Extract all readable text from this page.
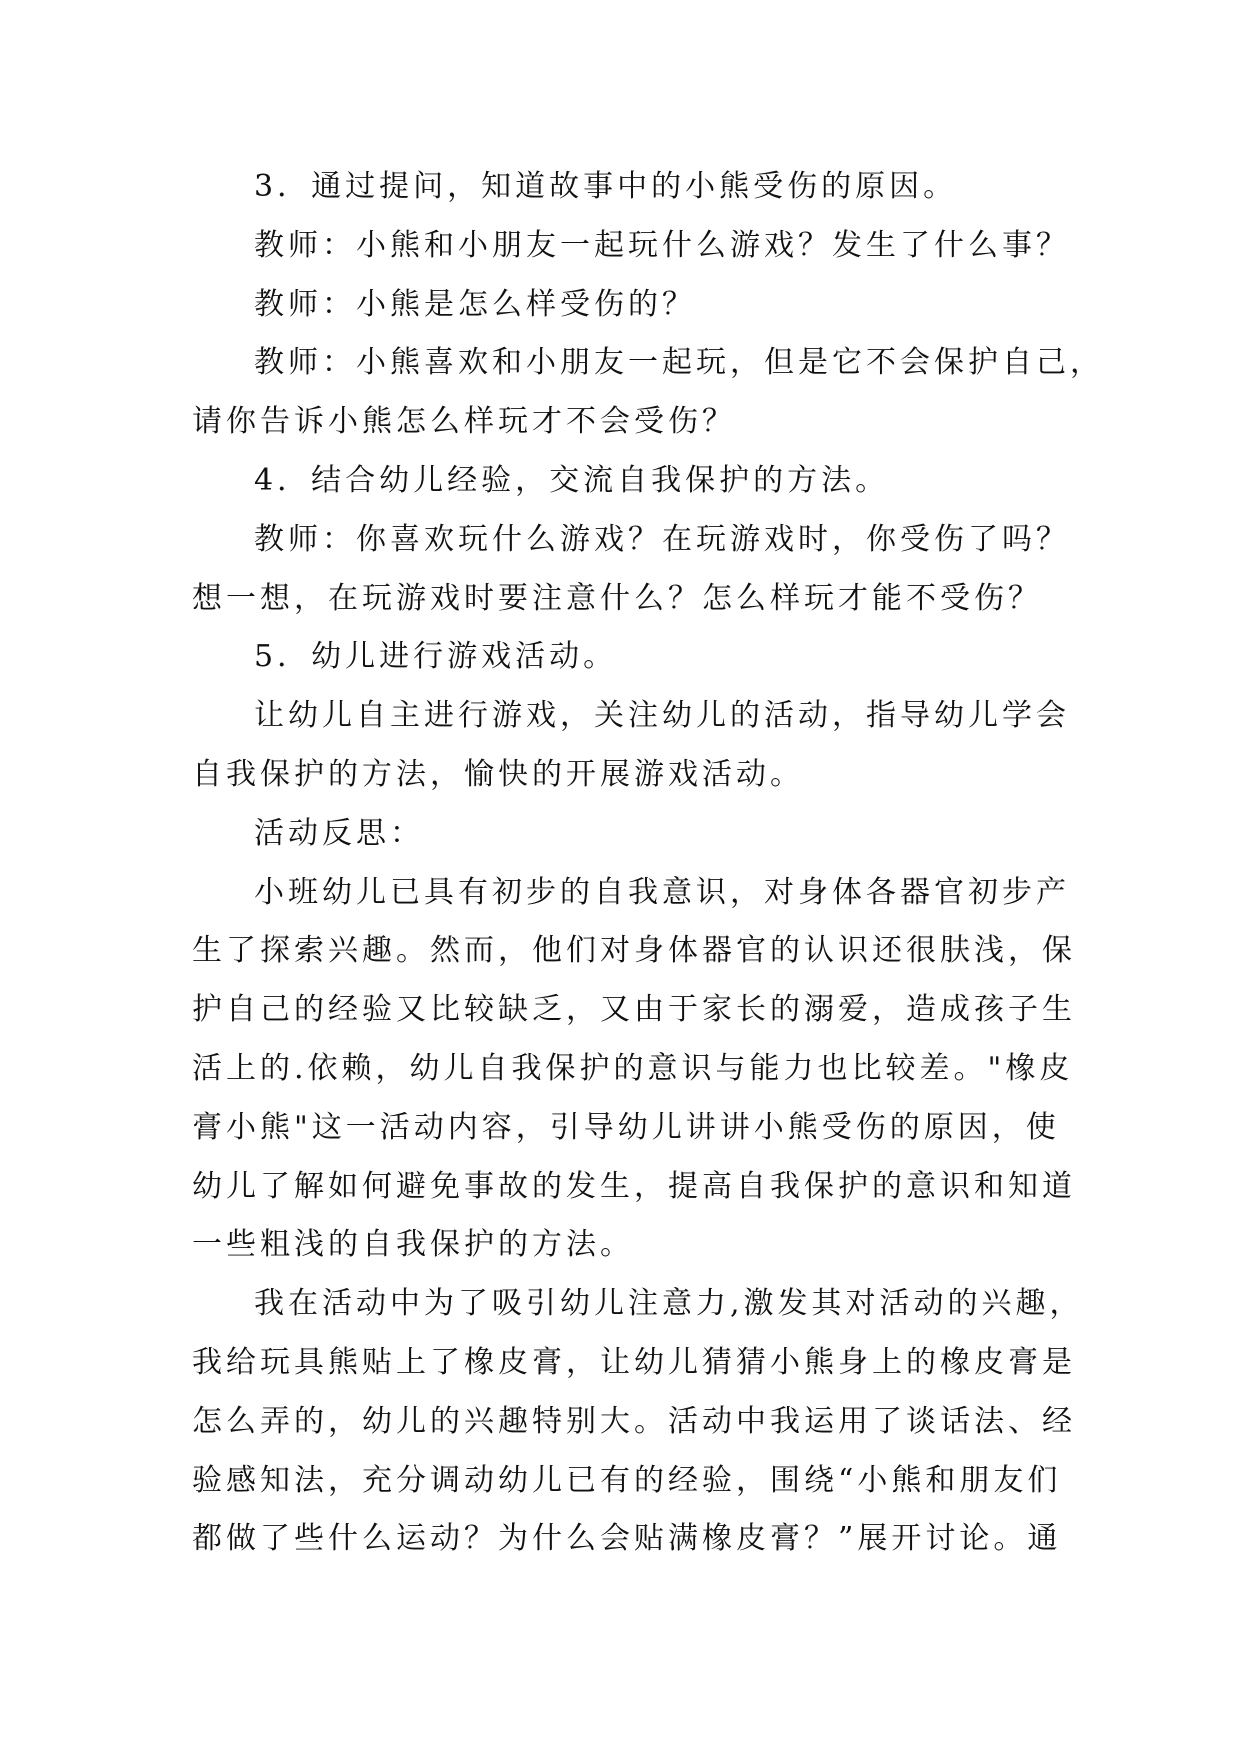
3．通过提问，知道故事中的小熊受伤的原因。
教师：小熊和小朋友一起玩什么游戏？发生了什么事？
教师：小熊是怎么样受伤的？
教师：小熊喜欢和小朋友一起玩，但是它不会保护自己，
请你告诉小熊怎么样玩才不会受伤？
4．结合幼儿经验，交流自我保护的方法。
教师：你喜欢玩什么游戏？在玩游戏时，你受伤了吗？
想一想，在玩游戏时要注意什么？怎么样玩才能不受伤？
5．幼儿进行游戏活动。
让幼儿自主进行游戏，关注幼儿的活动，指导幼儿学会
自我保护的方法，愉快的开展游戏活动。
活动反思：
小班幼儿已具有初步的自我意识，对身体各器官初步产
生了探索兴趣。然而，他们对身体器官的认识还很肤浅，保
护自己的经验又比较缺乏，又由于家长的溺爱，造成孩子生
活上的.依赖，幼儿自我保护的意识与能力也比较差。"橡皮
膏小熊"这一活动内容，引导幼儿讲讲小熊受伤的原因，使
幼儿了解如何避免事故的发生，提高自我保护的意识和知道
一些粗浅的自我保护的方法。
我在活动中为了吸引幼儿注意力,激发其对活动的兴趣，
我给玩具熊贴上了橡皮膏，让幼儿猜猜小熊身上的橡皮膏是
怎么弄的，幼儿的兴趣特别大。活动中我运用了谈话法、经
验感知法，充分调动幼儿已有的经验，围绕“小熊和朋友们
都做了些什么运动？为什么会贴满橡皮膏？”展开讨论。通
